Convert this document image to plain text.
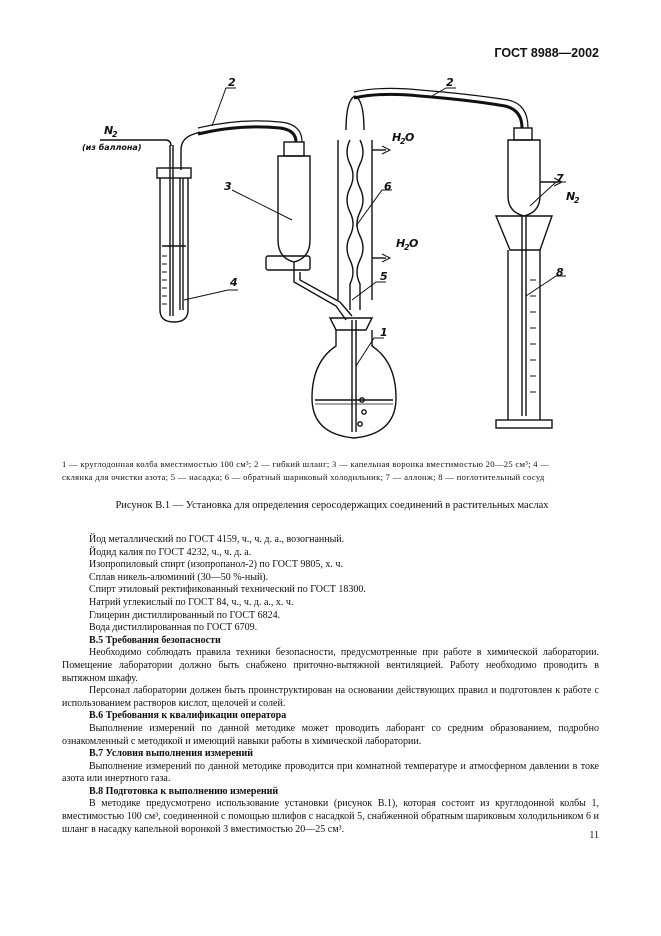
ГОСТ 8988—2002
N
2
(из баллона)
N
2
H
2 O
H
2 O
2	2
3
4
6
5
1
7
8
1 — круглодонная колба вместимостью 100 см³; 2 — гибкий шланг; 3 — капельная воронка вместимостью 20—25 см³; 4 —
склянка для очистки азота; 5 — насадка; 6 — обратный шариковый холодильник; 7 — аллонж; 8 — поглотительный сосуд
Рисунок В.1 — Установка для определения серосодержащих соединений в растительных маслах

Йод металлический по ГОСТ 4159, ч., ч. д. а., возогнанный.

Йодид калия по ГОСТ 4232, ч., ч. д. а.

Изопропиловый спирт (изопропанол-2) по ГОСТ 9805, х. ч.

Сплав никель-алюминий (30—50 %-ный).

Спирт этиловый ректификованный технический по ГОСТ 18300.

Натрий углекислый по ГОСТ 84, ч., ч. д. а., х. ч.

Глицерин дистиллированный по ГОСТ 6824.

Вода дистиллированная по ГОСТ 6709.

В.5 Требования безопасности

Необходимо соблюдать правила техники безопасности, предусмотренные при работе в химической лаборатории. Помещение лаборатории должно быть снабжено приточно-вытяжной вентиляцией. Работу необходимо проводить в вытяжном шкафу.

Персонал лаборатории должен быть проинструктирован на основании действующих правил и подготовлен к работе с использованием растворов кислот, щелочей и солей.

В.6 Требования к квалификации оператора

Выполнение измерений по данной методике может проводить лаборант со средним образованием, подробно ознакомленный с методикой и имеющий навыки работы в химической лаборатории.

В.7 Условия выполнения измерений

Выполнение измерений по данной методике проводится при комнатной температуре и атмосферном давлении в токе азота или инертного газа.

В.8 Подготовка к выполнению измерений

В методике предусмотрено использование установки (рисунок В.1), которая состоит из круглодонной колбы 1, вместимостью 100 см³, соединенной с помощью шлифов с насадкой 5, снабженной обратным шариковым холодильником 6 и шланг в насадку капельной воронкой 3 вместимостью 20—25 см³.

11
